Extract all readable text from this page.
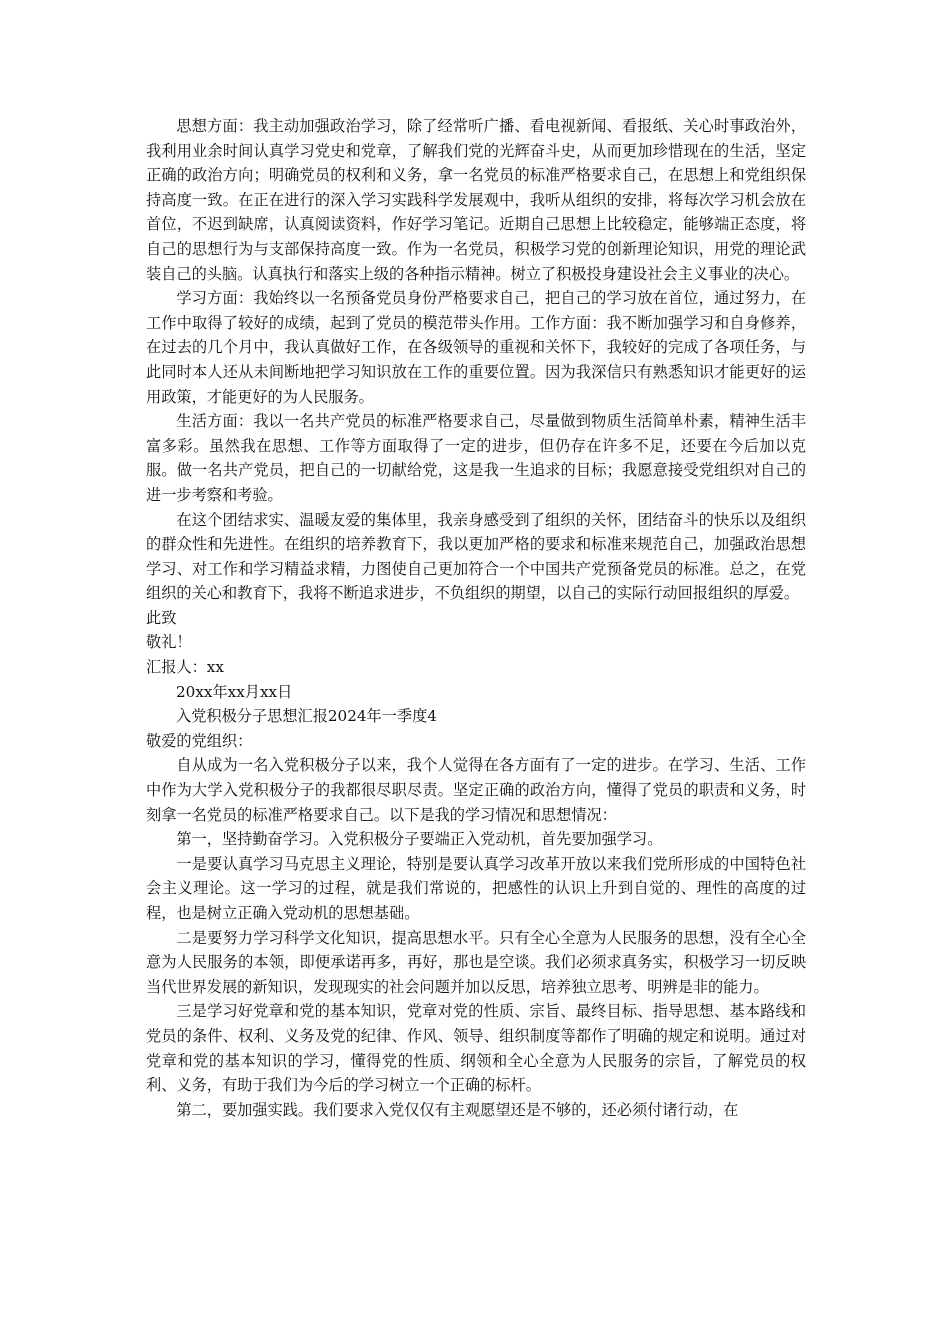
思想方面：我主动加强政治学习，除了经常听广播、看电视新闻、看报纸、关心时事政治外，我利用业余时间认真学习党史和党章，了解我们党的光辉奋斗史，从而更加珍惜现在的生活，坚定正确的政治方向；明确党员的权利和义务，拿一名党员的标准严格要求自己，在思想上和党组织保持高度一致。在正在进行的深入学习实践科学发展观中，我听从组织的安排，将每次学习机会放在首位，不迟到缺席，认真阅读资料，作好学习笔记。近期自己思想上比较稳定，能够端正态度，将自己的思想行为与支部保持高度一致。作为一名党员，积极学习党的创新理论知识，用党的理论武装自己的头脑。认真执行和落实上级的各种指示精神。树立了积极投身建设社会主义事业的决心。

学习方面：我始终以一名预备党员身份严格要求自己，把自己的学习放在首位，通过努力，在工作中取得了较好的成绩，起到了党员的模范带头作用。工作方面：我不断加强学习和自身修养，在过去的几个月中，我认真做好工作，在各级领导的重视和关怀下，我较好的完成了各项任务，与此同时本人还从未间断地把学习知识放在工作的重要位置。因为我深信只有熟悉知识才能更好的运用政策，才能更好的为人民服务。

生活方面：我以一名共产党员的标准严格要求自己，尽量做到物质生活简单朴素，精神生活丰富多彩。虽然我在思想、工作等方面取得了一定的进步，但仍存在许多不足，还要在今后加以克服。做一名共产党员，把自己的一切献给党，这是我一生追求的目标；我愿意接受党组织对自己的进一步考察和考验。

在这个团结求实、温暖友爱的集体里，我亲身感受到了组织的关怀，团结奋斗的快乐以及组织的群众性和先进性。在组织的培养教育下，我以更加严格的要求和标准来规范自己，加强政治思想学习、对工作和学习精益求精，力图使自己更加符合一个中国共产党预备党员的标准。总之，在党组织的关心和教育下，我将不断追求进步，不负组织的期望，以自己的实际行动回报组织的厚爱。

此致

敬礼！

汇报人：xx

20xx年xx月xx日

入党积极分子思想汇报2024年一季度4

敬爱的党组织：

自从成为一名入党积极分子以来，我个人觉得在各方面有了一定的进步。在学习、生活、工作中作为大学入党积极分子的我都很尽职尽责。坚定正确的政治方向，懂得了党员的职责和义务，时刻拿一名党员的标准严格要求自己。以下是我的学习情况和思想情况：

第一，坚持勤奋学习。入党积极分子要端正入党动机，首先要加强学习。

一是要认真学习马克思主义理论，特别是要认真学习改革开放以来我们党所形成的中国特色社会主义理论。这一学习的过程，就是我们常说的，把感性的认识上升到自觉的、理性的高度的过程，也是树立正确入党动机的思想基础。

二是要努力学习科学文化知识，提高思想水平。只有全心全意为人民服务的思想，没有全心全意为人民服务的本领，即便承诺再多，再好，那也是空谈。我们必须求真务实，积极学习一切反映当代世界发展的新知识，发现现实的社会问题并加以反思，培养独立思考、明辨是非的能力。

三是学习好党章和党的基本知识，党章对党的性质、宗旨、最终目标、指导思想、基本路线和党员的条件、权利、义务及党的纪律、作风、领导、组织制度等都作了明确的规定和说明。通过对党章和党的基本知识的学习，懂得党的性质、纲领和全心全意为人民服务的宗旨，了解党员的权利、义务，有助于我们为今后的学习树立一个正确的标杆。

第二，要加强实践。我们要求入党仅仅有主观愿望还是不够的，还必须付诸行动，在
